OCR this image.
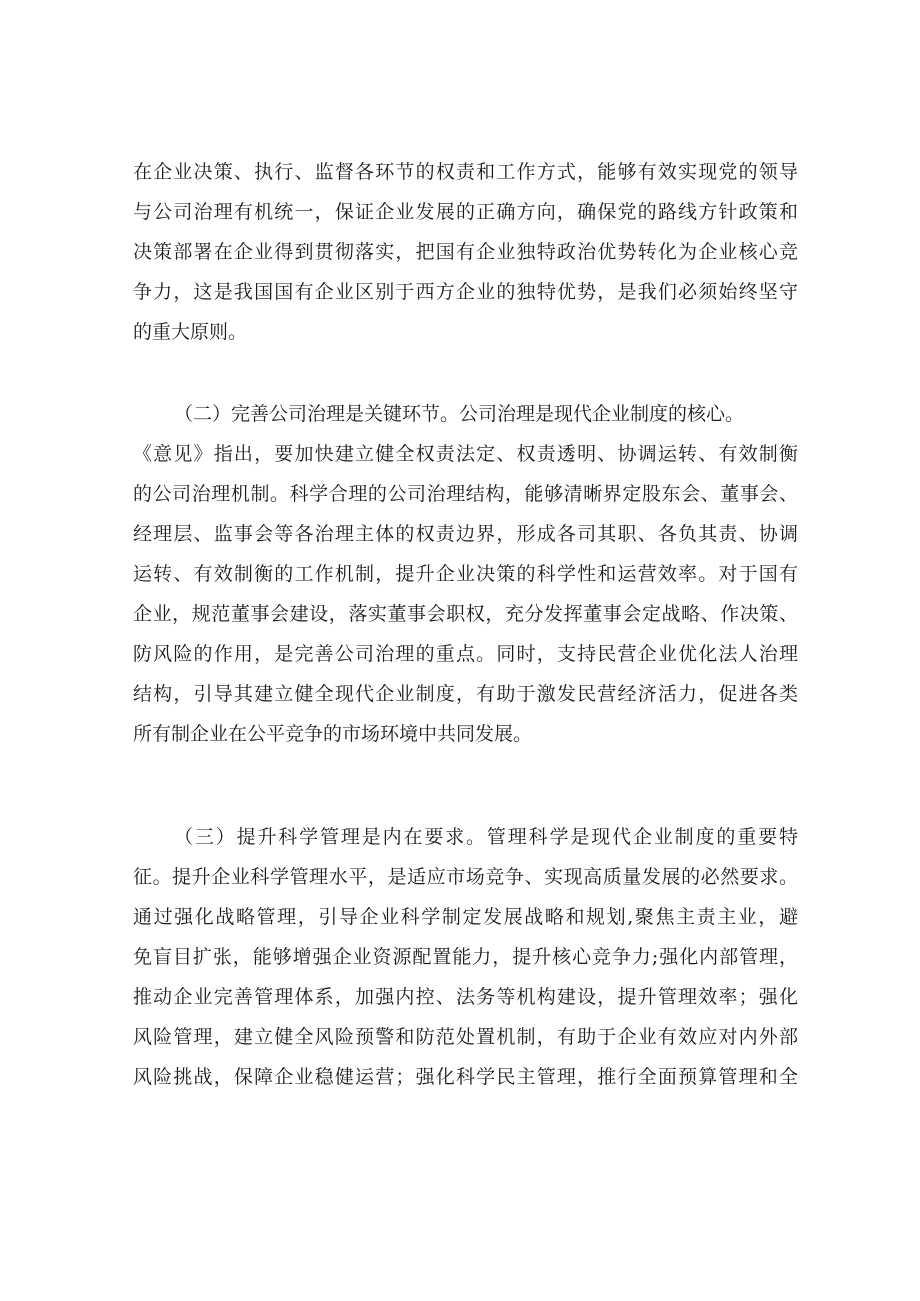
在企业决策、执行、监督各环节的权责和工作方式，能够有效实现党的领导
与公司治理有机统一，保证企业发展的正确方向，确保党的路线方针政策和
决策部署在企业得到贯彻落实，把国有企业独特政治优势转化为企业核心竞
争力，这是我国国有企业区别于西方企业的独特优势，是我们必须始终坚守
的重大原则。
（二）完善公司治理是关键环节。公司治理是现代企业制度的核心。
《意见》指出，要加快建立健全权责法定、权责透明、协调运转、有效制衡
的公司治理机制。科学合理的公司治理结构，能够清晰界定股东会、董事会、
经理层、监事会等各治理主体的权责边界，形成各司其职、各负其责、协调
运转、有效制衡的工作机制，提升企业决策的科学性和运营效率。对于国有
企业，规范董事会建设，落实董事会职权，充分发挥董事会定战略、作决策、
防风险的作用，是完善公司治理的重点。同时，支持民营企业优化法人治理
结构，引导其建立健全现代企业制度，有助于激发民营经济活力，促进各类
所有制企业在公平竞争的市场环境中共同发展。
（三）提升科学管理是内在要求。管理科学是现代企业制度的重要特
征。提升企业科学管理水平，是适应市场竞争、实现高质量发展的必然要求。
通过强化战略管理，引导企业科学制定发展战略和规划,聚焦主责主业，避
免盲目扩张，能够增强企业资源配置能力，提升核心竞争力;强化内部管理，
推动企业完善管理体系，加强内控、法务等机构建设，提升管理效率；强化
风险管理，建立健全风险预警和防范处置机制，有助于企业有效应对内外部
风险挑战，保障企业稳健运营；强化科学民主管理，推行全面预算管理和全
